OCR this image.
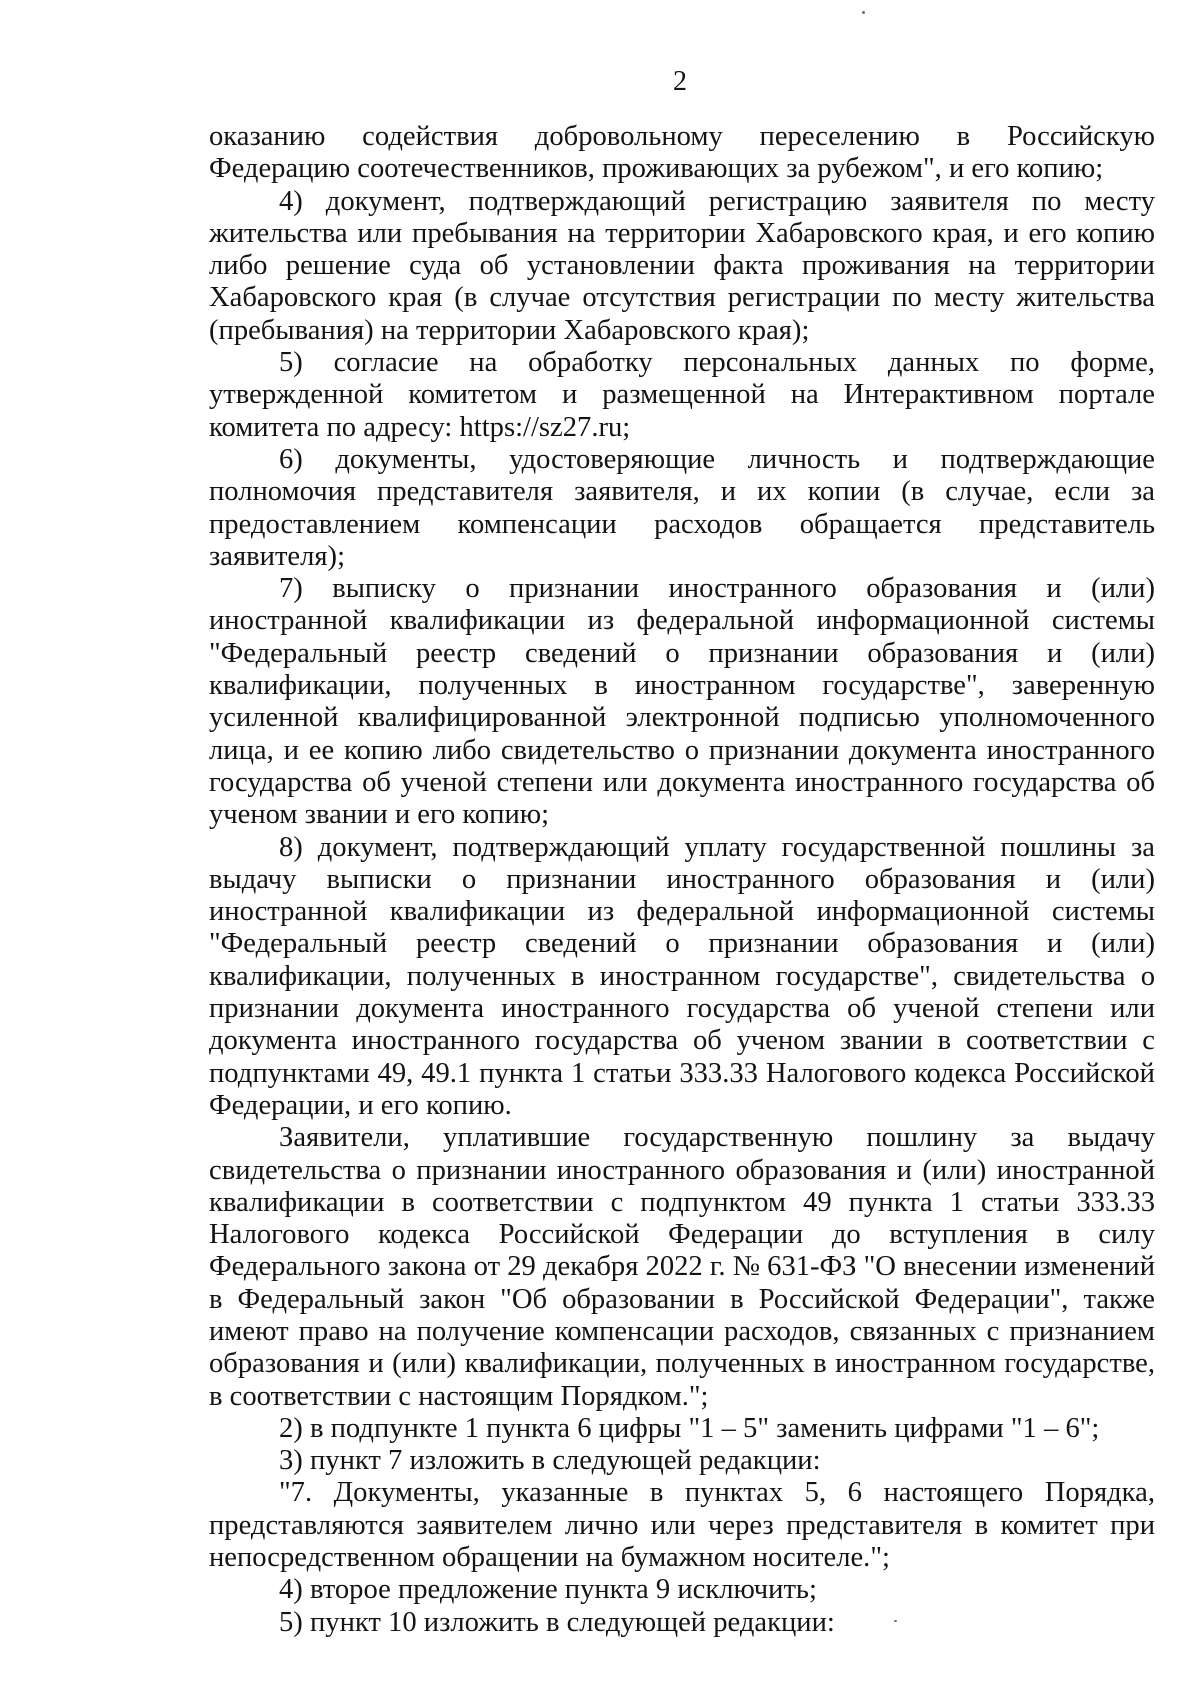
2

оказанию содействия добровольному переселению в Российскую Федерацию соотечественников, проживающих за рубежом", и его копию;

4) документ, подтверждающий регистрацию заявителя по месту жительства или пребывания на территории Хабаровского края, и его копию либо решение суда об установлении факта проживания на территории Хабаровского края (в случае отсутствия регистрации по месту жительства (пребывания) на территории Хабаровского края);

5) согласие на обработку персональных данных по форме, утвержденной комитетом и размещенной на Интерактивном портале комитета по адресу: https://sz27.ru;

6) документы, удостоверяющие личность и подтверждающие полномочия представителя заявителя, и их копии (в случае, если за предоставлением компенсации расходов обращается представитель заявителя);

7) выписку о признании иностранного образования и (или) иностранной квалификации из федеральной информационной системы "Федеральный реестр сведений о признании образования и (или) квалификации, полученных в иностранном государстве", заверенную усиленной квалифицированной электронной подписью уполномоченного лица, и ее копию либо свидетельство о признании документа иностранного государства об ученой степени или документа иностранного государства об ученом звании и его копию;

8) документ, подтверждающий уплату государственной пошлины за выдачу выписки о признании иностранного образования и (или) иностранной квалификации из федеральной информационной системы "Федеральный реестр сведений о признании образования и (или) квалификации, полученных в иностранном государстве", свидетельства о признании документа иностранного государства об ученой степени или документа иностранного государства об ученом звании в соответствии с подпунктами 49, 49.1 пункта 1 статьи 333.33 Налогового кодекса Российской Федерации, и его копию.

Заявители, уплатившие государственную пошлину за выдачу свидетельства о признании иностранного образования и (или) иностранной квалификации в соответствии с подпунктом 49 пункта 1 статьи 333.33 Налогового кодекса Российской Федерации до вступления в силу Федерального закона от 29 декабря 2022 г. № 631-ФЗ "О внесении изменений в Федеральный закон "Об образовании в Российской Федерации", также имеют право на получение компенсации расходов, связанных с признанием образования и (или) квалификации, полученных в иностранном государстве, в соответствии с настоящим Порядком.";

2) в подпункте 1 пункта 6 цифры "1 – 5" заменить цифрами "1 – 6";

3) пункт 7 изложить в следующей редакции:

"7. Документы, указанные в пунктах 5, 6 настоящего Порядка, представляются заявителем лично или через представителя в комитет при непосредственном обращении на бумажном носителе.";

4) второе предложение пункта 9 исключить;

5) пункт 10 изложить в следующей редакции:
